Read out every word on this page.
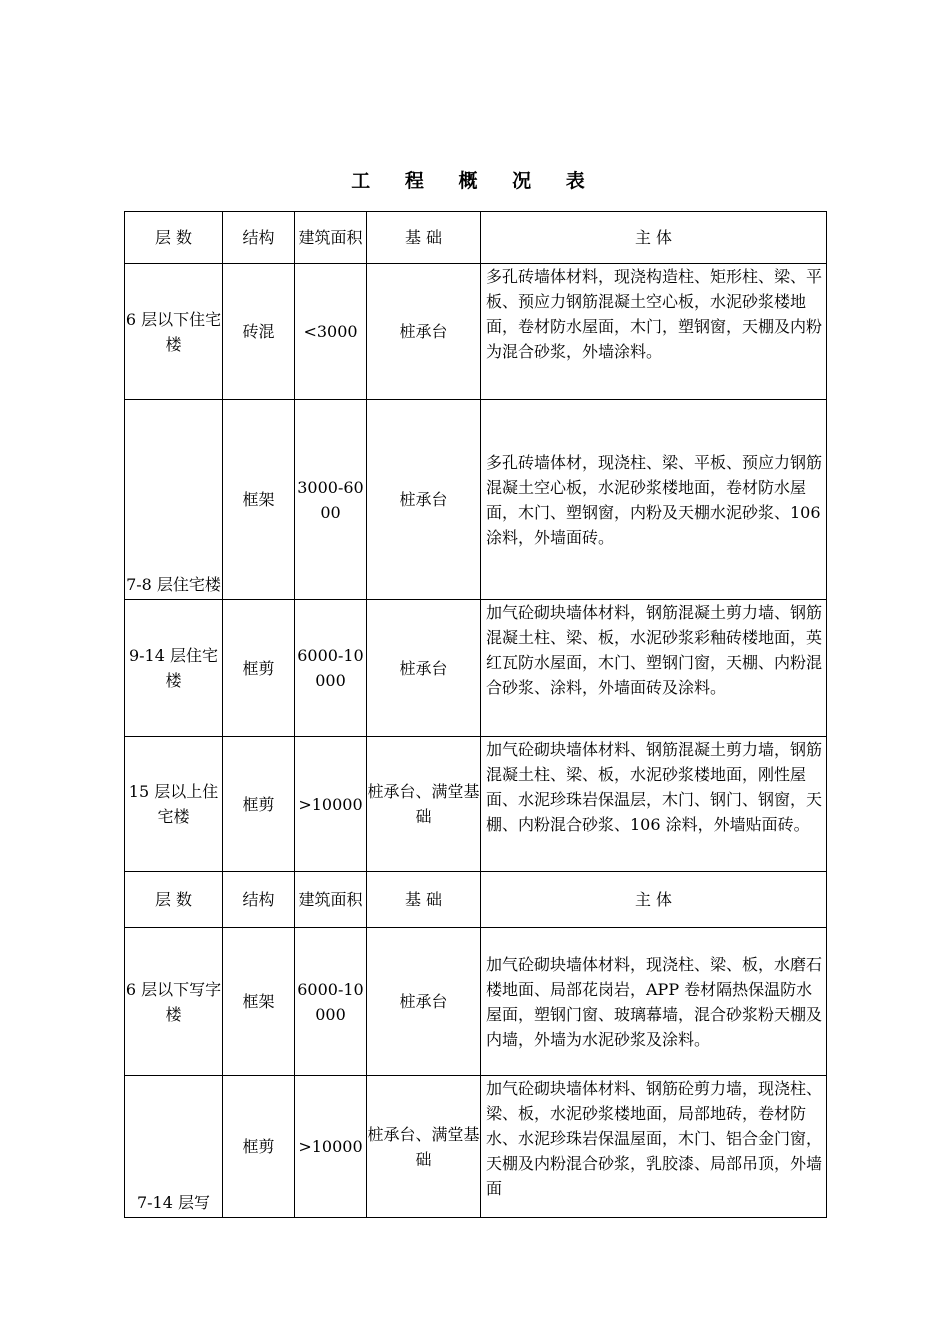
工 程 概 况 表
层 数	结构	建筑面积	基 础	主 体
6 层以下住宅楼	砖混	<3000	桩承台	多孔砖墙体材料，现浇构造柱、矩形柱、梁、平板、预应力钢筋混凝土空心板，水泥砂浆楼地面，卷材防水屋面，木门，塑钢窗，天棚及内粉为混合砂浆，外墙涂料。
7-8 层住宅楼	框架	3000-6000	桩承台	多孔砖墙体材，现浇柱、梁、平板、预应力钢筋混凝土空心板，水泥砂浆楼地面，卷材防水屋面，木门、塑钢窗，内粉及天棚水泥砂浆、106 涂料，外墙面砖。
9-14 层住宅楼	框剪	6000-10000	桩承台	加气砼砌块墙体材料，钢筋混凝土剪力墙、钢筋混凝土柱、梁、板，水泥砂浆彩釉砖楼地面，英红瓦防水屋面，木门、塑钢门窗，天棚、内粉混合砂浆、涂料，外墙面砖及涂料。
15 层以上住宅楼	框剪	>10000	桩承台、满堂基础	加气砼砌块墙体材料、钢筋混凝土剪力墙，钢筋混凝土柱、梁、板，水泥砂浆楼地面，刚性屋面、水泥珍珠岩保温层，木门、钢门、钢窗，天棚、内粉混合砂浆、106 涂料，外墙贴面砖。
层 数	结构	建筑面积	基 础	主 体
6 层以下写字楼	框架	6000-10000	桩承台	加气砼砌块墙体材料，现浇柱、梁、板，水磨石楼地面、局部花岗岩，APP 卷材隔热保温防水屋面，塑钢门窗、玻璃幕墙，混合砂浆粉天棚及内墙，外墙为水泥砂浆及涂料。
7-14 层写	框剪	>10000	桩承台、满堂基础	加气砼砌块墙体材料、钢筋砼剪力墙，现浇柱、梁、板，水泥砂浆楼地面，局部地砖，卷材防水、水泥珍珠岩保温屋面，木门、铝合金门窗，天棚及内粉混合砂浆，乳胶漆、局部吊顶，外墙面
